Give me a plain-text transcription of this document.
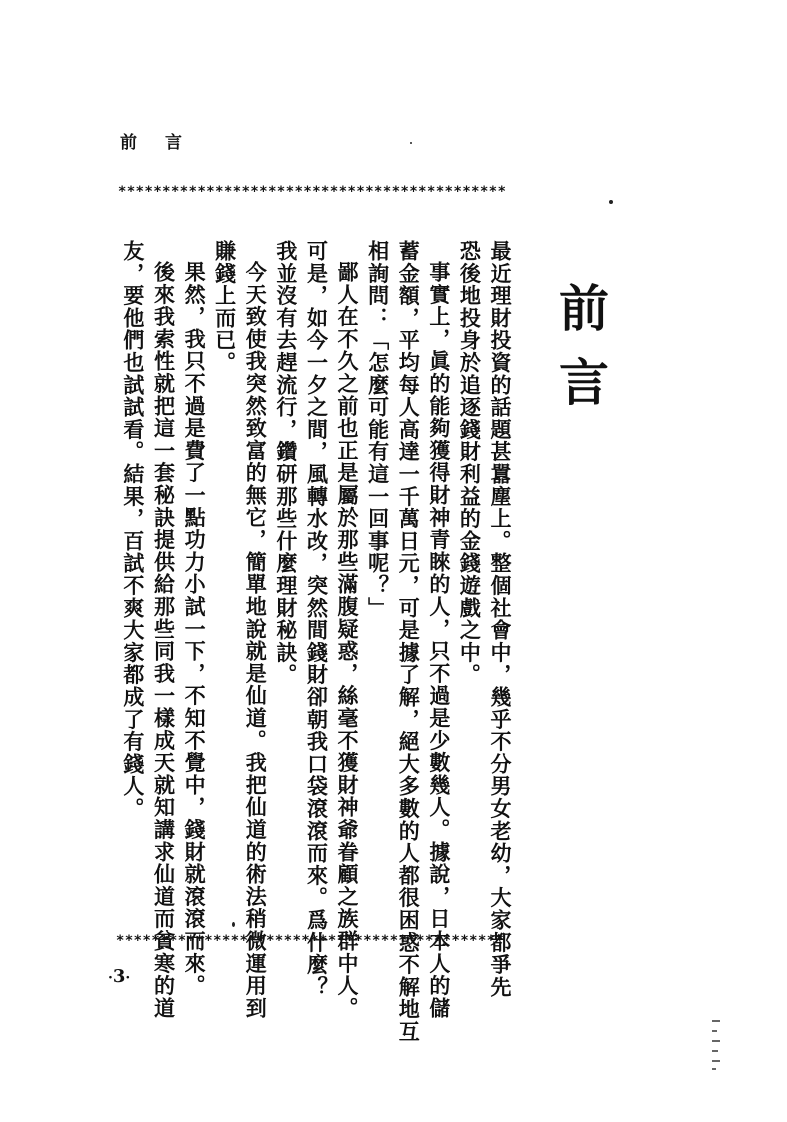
前言
∗∗∗∗∗∗∗∗∗∗∗∗∗∗∗∗∗∗∗∗∗∗∗∗∗∗∗∗∗∗∗∗∗∗∗∗∗∗∗∗∗∗∗∗
前言
最近理財投資的話題甚囂塵上。整個社會中，幾乎不分男女老幼，大家都爭先
恐後地投身於追逐錢財利益的金錢遊戲之中。
事實上，眞的能夠獲得財神青睞的人，只不過是少數幾人。據說，日本人的儲
蓄金額，平均每人高達一千萬日元，可是據了解，絕大多數的人都很困惑不解地互
相詢問：「怎麼可能有這一回事呢？」
鄙人在不久之前也正是屬於那些滿腹疑惑，絲毫不獲財神爺眷顧之族群中人。
可是，如今一夕之間，風轉水改，突然間錢財卻朝我口袋滾滾而來。爲什麼？
我並沒有去趕流行，鑽研那些什麼理財秘訣。
今天致使我突然致富的無它，簡單地說就是仙道。我把仙道的術法稍微運用到
賺錢上而已。
果然，我只不過是費了一點功力小試一下，不知不覺中，錢財就滾滾而來。
後來我索性就把這一套秘訣提供給那些同我一樣成天就知講求仙道而貧寒的道
友，要他們也試試看。結果，百試不爽大家都成了有錢人。
∗∗∗∗∗∗∗∗∗∗∗∗∗∗∗∗∗∗∗∗∗∗∗∗∗∗∗∗∗∗∗∗∗∗∗∗∗∗∗∗∗∗∗∗
·3·
